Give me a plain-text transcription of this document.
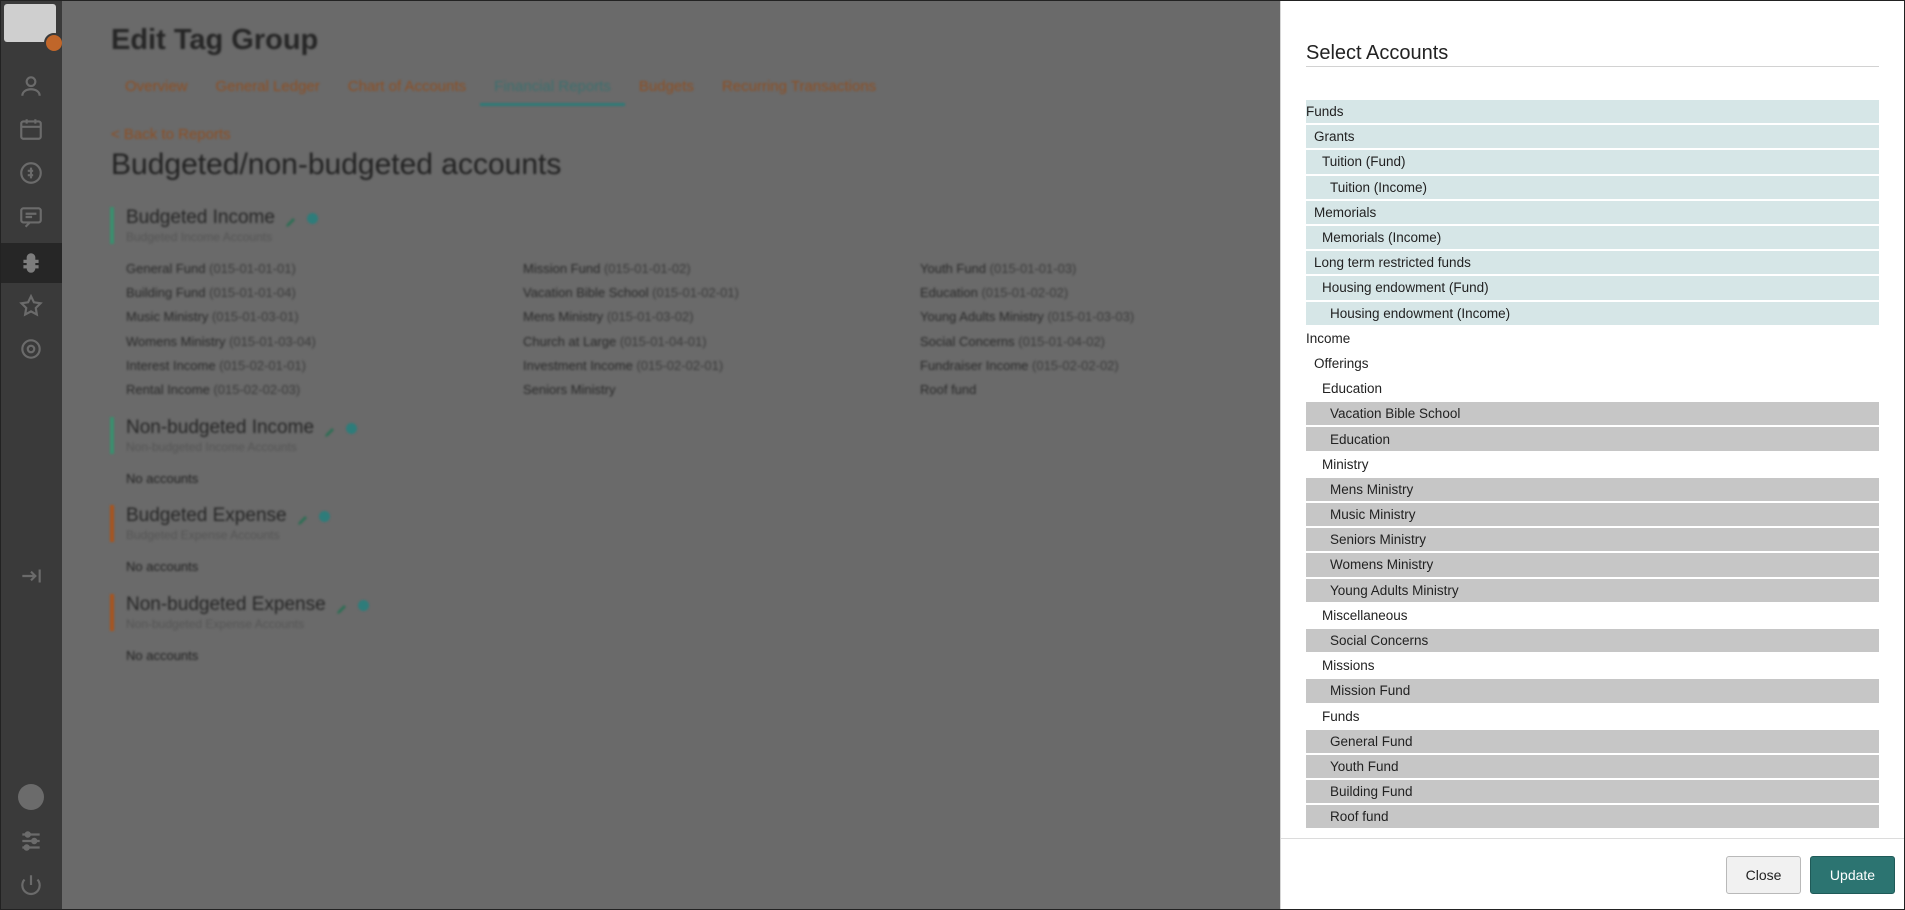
Edit Tag Group
Overview	General Ledger	Chart of Accounts	Financial Reports	Budgets	Recurring Transactions
< Back to Reports
Budgeted/non-budgeted accounts
Budgeted Income
Budgeted Income Accounts
General Fund (015-01-01-01)	Mission Fund (015-01-01-02)	Youth Fund (015-01-01-03)
Building Fund (015-01-01-04)	Vacation Bible School (015-01-02-01)	Education (015-01-02-02)
Music Ministry (015-01-03-01)	Mens Ministry (015-01-03-02)	Young Adults Ministry (015-01-03-03)
Womens Ministry (015-01-03-04)	Church at Large (015-01-04-01)	Social Concerns (015-01-04-02)
Interest Income (015-02-01-01)	Investment Income (015-02-02-01)	Fundraiser Income (015-02-02-02)
Rental Income (015-02-02-03)	Seniors Ministry	Roof fund
Non-budgeted Income
Non-budgeted Income Accounts
No accounts
Budgeted Expense
Budgeted Expense Accounts
No accounts
Non-budgeted Expense
Non-budgeted Expense Accounts
No accounts
Select Accounts
Funds
Grants
Tuition (Fund)
Tuition (Income)
Memorials
Memorials (Income)
Long term restricted funds
Housing endowment (Fund)
Housing endowment (Income)
Income
Offerings
Education
Vacation Bible School
Education
Ministry
Mens Ministry
Music Ministry
Seniors Ministry
Womens Ministry
Young Adults Ministry
Miscellaneous
Social Concerns
Missions
Mission Fund
Funds
General Fund
Youth Fund
Building Fund
Roof fund
Close	Update
